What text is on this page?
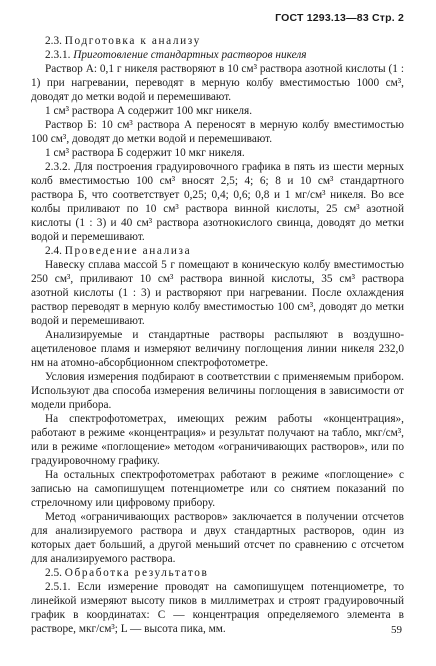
ГОСТ 1293.13—83 Стр. 2

2.3. Подготовка к анализу

2.3.1. Приготовление стандартных растворов никеля

Раствор А: 0,1 г никеля растворяют в 10 см³ раствора азотной кислоты (1 : 1) при нагревании, переводят в мерную колбу вместимостью 1000 см³, доводят до метки водой и перемешивают.

1 см³ раствора А содержит 100 мкг никеля.

Раствор Б: 10 см³ раствора А переносят в мерную колбу вместимостью 100 см³, доводят до метки водой и перемешивают.

1 см³ раствора Б содержит 10 мкг никеля.

2.3.2. Для построения градуировочного графика в пять из шести мерных колб вместимостью 100 см³ вносят 2,5; 4; 6; 8 и 10 см³ стандартного раствора Б, что соответствует 0,25; 0,4; 0,6; 0,8 и 1 мг/см³ никеля. Во все колбы приливают по 10 см³ раствора винной кислоты, 25 см³ азотной кислоты (1 : 3) и 40 см³ раствора азотнокислого свинца, доводят до метки водой и перемешивают.

2.4. Проведение анализа

Навеску сплава массой 5 г помещают в коническую колбу вместимостью 250 см³, приливают 10 см³ раствора винной кислоты, 35 см³ раствора азотной кислоты (1 : 3) и растворяют при нагревании. После охлаждения раствор переводят в мерную колбу вместимостью 100 см³, доводят до метки водой и перемешивают.

Анализируемые и стандартные растворы распыляют в воздушно-ацетиленовое пламя и измеряют величину поглощения линии никеля 232,0 нм на атомно-абсорбционном спектрофотометре.

Условия измерения подбирают в соответствии с применяемым прибором. Используют два способа измерения величины поглощения в зависимости от модели прибора.

На спектрофотометрах, имеющих режим работы «концентрация», работают в режиме «концентрация» и результат получают на табло, мкг/см³, или в режиме «поглощение» методом «ограничивающих растворов», или по градуировочному графику.

На остальных спектрофотометрах работают в режиме «поглощение» с записью на самопишущем потенциометре или со снятием показаний по стрелочному или цифровому прибору.

Метод «ограничивающих растворов» заключается в получении отсчетов для анализируемого раствора и двух стандартных растворов, один из которых дает больший, а другой меньший отсчет по сравнению с отсчетом для анализируемого раствора.

2.5. Обработка результатов

2.5.1. Если измерение проводят на самопишущем потенциометре, то линейкой измеряют высоту пиков в миллиметрах и строят градуировочный график в координатах: C — концентрация определяемого элемента в растворе, мкг/см³; L — высота пика, мм.	59
